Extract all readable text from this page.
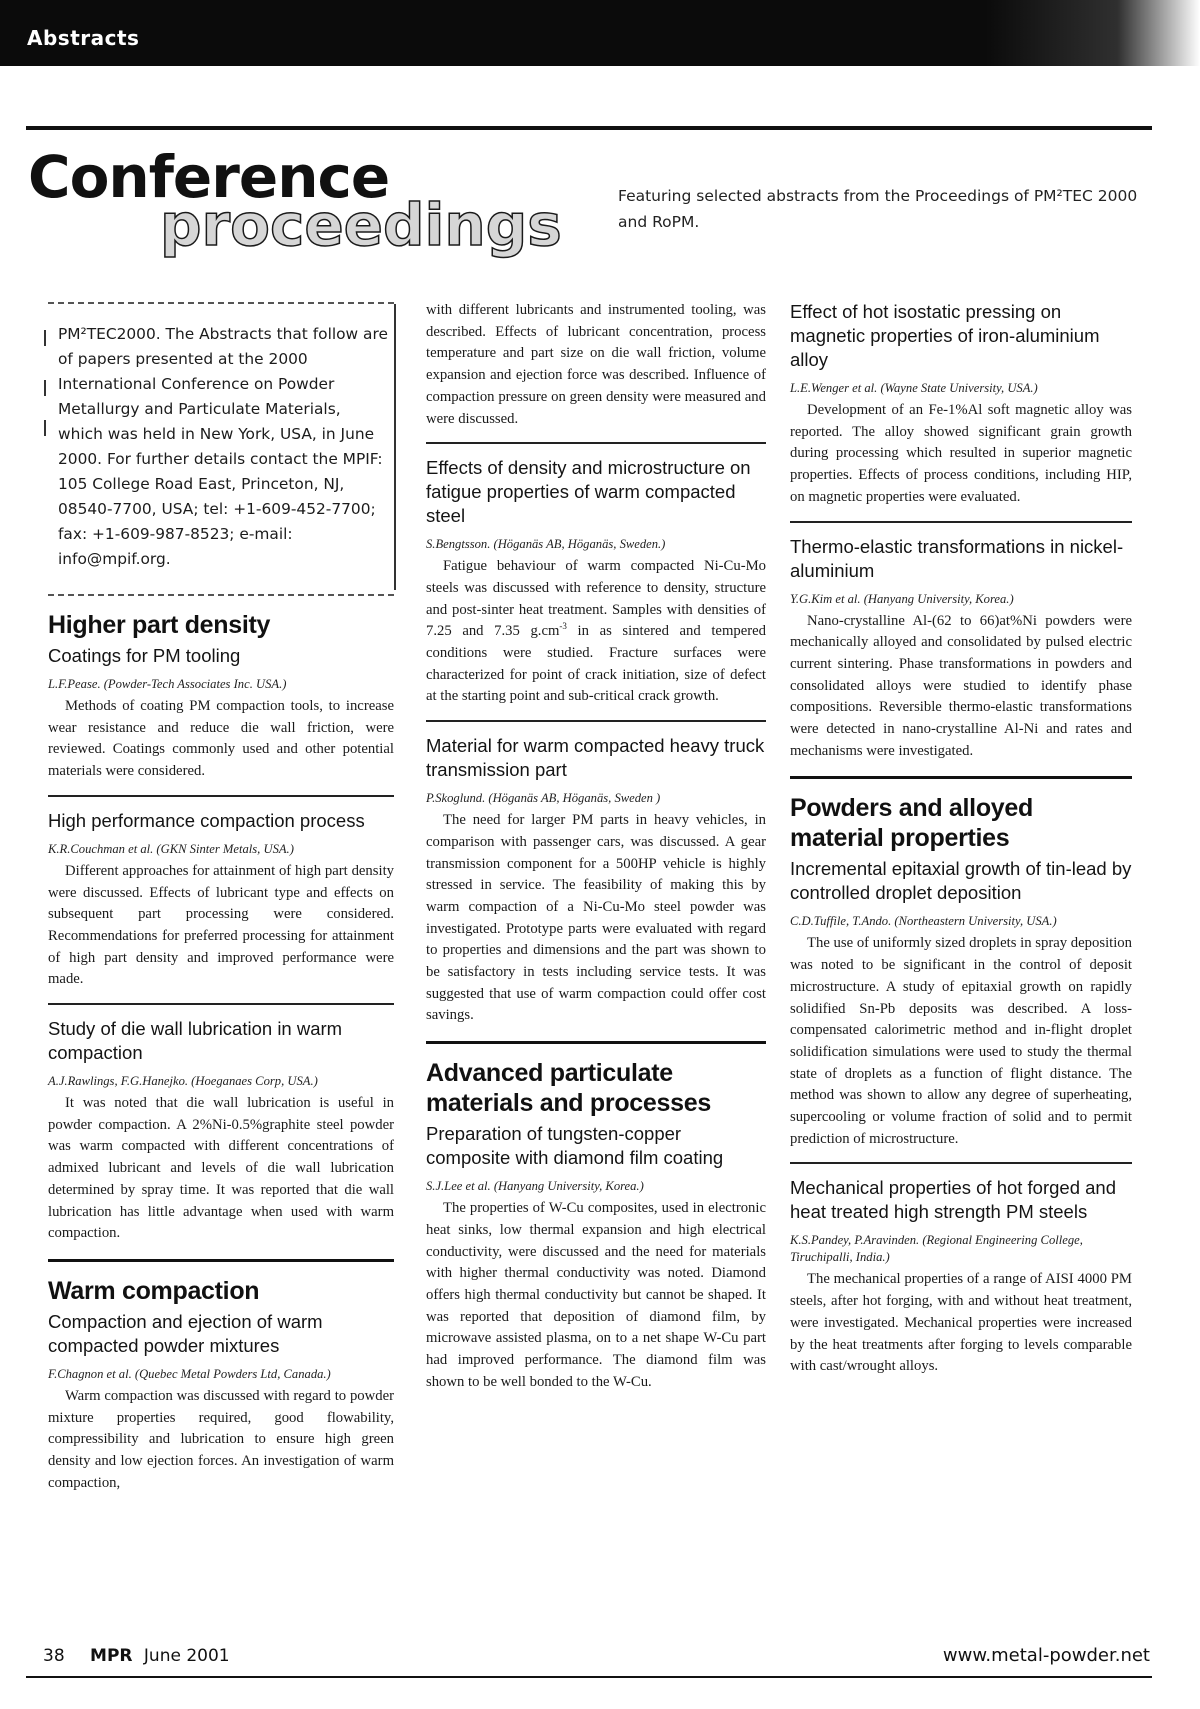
Abstracts
Conference
proceedings	Featuring selected abstracts from the Proceedings of PM²TEC 2000 and RoPM.
PM²TEC2000. The Abstracts that follow are of papers presented at the 2000 International Conference on Powder Metallurgy and Particulate Materials, which was held in New York, USA, in June 2000. For further details contact the MPIF: 105 College Road East, Princeton, NJ, 08540-7700, USA; tel: +1-609-452-7700; fax: +1-609-987-8523; e-mail: info@mpif.org.
Higher part density
Coatings for PM tooling

L.F.Pease. (Powder-Tech Associates Inc. USA.)

Methods of coating PM compaction tools, to increase wear resistance and reduce die wall friction, were reviewed. Coatings commonly used and other potential materials were considered.

High performance compaction process

K.R.Couchman et al. (GKN Sinter Metals, USA.)

Different approaches for attainment of high part density were discussed. Effects of lubricant type and effects on subsequent part processing were considered. Recommendations for preferred processing for attainment of high part density and improved performance were made.

Study of die wall lubrication in warm compaction

A.J.Rawlings, F.G.Hanejko. (Hoeganaes Corp, USA.)

It was noted that die wall lubrication is useful in powder compaction. A 2%Ni-0.5%graphite steel powder was warm compacted with different concentrations of admixed lubricant and levels of die wall lubrication determined by spray time. It was reported that die wall lubrication has little advantage when used with warm compaction.

Warm compaction
Compaction and ejection of warm compacted powder mixtures

F.Chagnon et al. (Quebec Metal Powders Ltd, Canada.)

Warm compaction was discussed with regard to powder mixture properties required, good flowability, compressibility and lubrication to ensure high green density and low ejection forces. An investigation of warm compaction,

with different lubricants and instrumented tooling, was described. Effects of lubricant concentration, process temperature and part size on die wall friction, volume expansion and ejection force was described. Influence of compaction pressure on green density were measured and were discussed.

Effects of density and microstructure on fatigue properties of warm compacted steel

S.Bengtsson. (Höganäs AB, Höganäs, Sweden.)

Fatigue behaviour of warm compacted Ni-Cu-Mo steels was discussed with reference to density, structure and post-sinter heat treatment. Samples with densities of 7.25 and 7.35 $g.cm^{-3}$ in as sintered and tempered conditions were studied. Fracture surfaces were characterized for point of crack initiation, size of defect at the starting point and sub-critical crack growth.

Material for warm compacted heavy truck transmission part

P.Skoglund. (Höganäs AB, Höganäs, Sweden )

The need for larger PM parts in heavy vehicles, in comparison with passenger cars, was discussed. A gear transmission component for a 500HP vehicle is highly stressed in service. The feasibility of making this by warm compaction of a Ni-Cu-Mo steel powder was investigated. Prototype parts were evaluated with regard to properties and dimensions and the part was shown to be satisfactory in tests including service tests. It was suggested that use of warm compaction could offer cost savings.

Advanced particulate materials and processes
Preparation of tungsten-copper composite with diamond film coating

S.J.Lee et al. (Hanyang University, Korea.)

The properties of W-Cu composites, used in electronic heat sinks, low thermal expansion and high electrical conductivity, were discussed and the need for materials with higher thermal conductivity was noted. Diamond offers high thermal conductivity but cannot be shaped. It was reported that deposition of diamond film, by microwave assisted plasma, on to a net shape W-Cu part had improved performance. The diamond film was shown to be well bonded to the W-Cu.

Effect of hot isostatic pressing on magnetic properties of iron-aluminium alloy

L.E.Wenger et al. (Wayne State University, USA.)

Development of an Fe-1%Al soft magnetic alloy was reported. The alloy showed significant grain growth during processing which resulted in superior magnetic properties. Effects of process conditions, including HIP, on magnetic properties were evaluated.

Thermo-elastic transformations in nickel-aluminium

Y.G.Kim et al. (Hanyang University, Korea.)

Nano-crystalline Al-(62 to 66)at%Ni powders were mechanically alloyed and consolidated by pulsed electric current sintering. Phase transformations in powders and consolidated alloys were studied to identify phase compositions. Reversible thermo-elastic transformations were detected in nano-crystalline Al-Ni and rates and mechanisms were investigated.

Powders and alloyed material properties
Incremental epitaxial growth of tin-lead by controlled droplet deposition

C.D.Tuffile, T.Ando. (Northeastern University, USA.)

The use of uniformly sized droplets in spray deposition was noted to be significant in the control of deposit microstructure. A study of epitaxial growth on rapidly solidified Sn-Pb deposits was described. A loss-compensated calorimetric method and in-flight droplet solidification simulations were used to study the thermal state of droplets as a function of flight distance. The method was shown to allow any degree of superheating, supercooling or volume fraction of solid and to permit prediction of microstructure.

Mechanical properties of hot forged and heat treated high strength PM steels

K.S.Pandey, P.Aravinden. (Regional Engineering College, Tiruchipalli, India.)

The mechanical properties of a range of AISI 4000 PM steels, after hot forging, with and without heat treatment, were investigated. Mechanical properties were increased by the heat treatments after forging to levels comparable with cast/wrought alloys.

38 MPR June 2001	www.metal-powder.net
